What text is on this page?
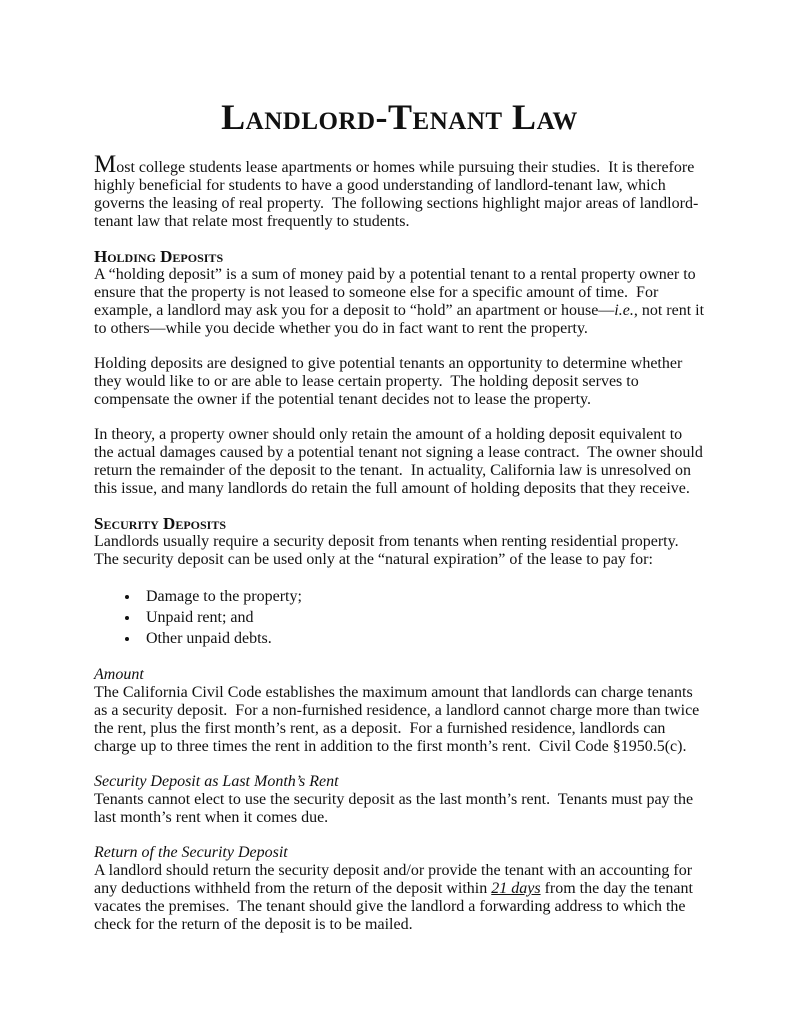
Landlord-Tenant Law

Most college students lease apartments or homes while pursuing their studies.  It is therefore highly beneficial for students to have a good understanding of landlord-tenant law, which governs the leasing of real property.  The following sections highlight major areas of landlord-tenant law that relate most frequently to students.

Holding Deposits

A “holding deposit” is a sum of money paid by a potential tenant to a rental property owner to ensure that the property is not leased to someone else for a specific amount of time.  For example, a landlord may ask you for a deposit to “hold” an apartment or house—i.e., not rent it to others—while you decide whether you do in fact want to rent the property.

Holding deposits are designed to give potential tenants an opportunity to determine whether they would like to or are able to lease certain property.  The holding deposit serves to compensate the owner if the potential tenant decides not to lease the property.

In theory, a property owner should only retain the amount of a holding deposit equivalent to the actual damages caused by a potential tenant not signing a lease contract.  The owner should return the remainder of the deposit to the tenant.  In actuality, California law is unresolved on this issue, and many landlords do retain the full amount of holding deposits that they receive.

Security Deposits

Landlords usually require a security deposit from tenants when renting residential property.  The security deposit can be used only at the “natural expiration” of the lease to pay for:

• Damage to the property;
• Unpaid rent; and
• Other unpaid debts.
Amount

The California Civil Code establishes the maximum amount that landlords can charge tenants as a security deposit.  For a non-furnished residence, a landlord cannot charge more than twice the rent, plus the first month’s rent, as a deposit.  For a furnished residence, landlords can charge up to three times the rent in addition to the first month’s rent.  Civil Code §1950.5(c).

Security Deposit as Last Month’s Rent

Tenants cannot elect to use the security deposit as the last month’s rent.  Tenants must pay the last month’s rent when it comes due.

Return of the Security Deposit

A landlord should return the security deposit and/or provide the tenant with an accounting for any deductions withheld from the return of the deposit within 21 days from the day the tenant vacates the premises.  The tenant should give the landlord a forwarding address to which the check for the return of the deposit is to be mailed.
